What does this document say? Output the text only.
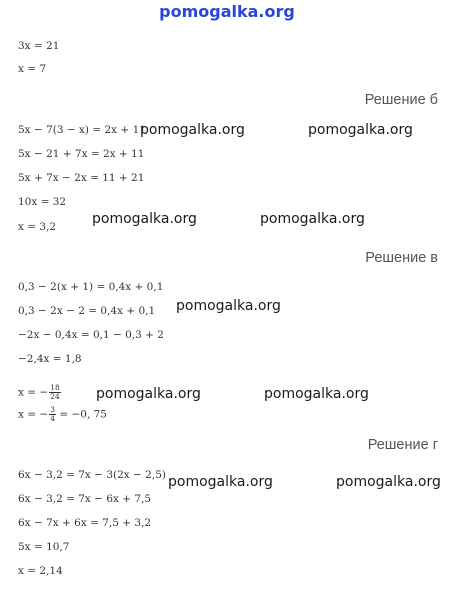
pomogalka.org
3x = 21
x = 7
Решение б
5x − 7(3 − x) = 2x + 11
pomogalka.org	pomogalka.org
5x − 21 + 7x = 2x + 11
5x + 7x − 2x = 11 + 21
10x = 32
pomogalka.org	pomogalka.org
x = 3,2
Решение в
0,3 − 2(x + 1) = 0,4x + 0,1
pomogalka.org
0,3 − 2x − 2 = 0,4x + 0,1
−2x − 0,4x = 0,1 − 0,3 + 2
−2,4x = 1,8
x = − $\frac{18}{24}$	pomogalka.org	pomogalka.org
x = − $\frac{3}{4} = -0$, 75
Решение г
6x − 3,2 = 7x − 3(2x − 2,5) pomogalka.org	pomogalka.org
6x − 3,2 = 7x − 6x + 7,5
6x − 7x + 6x = 7,5 + 3,2
5x = 10,7
x = 2,14
